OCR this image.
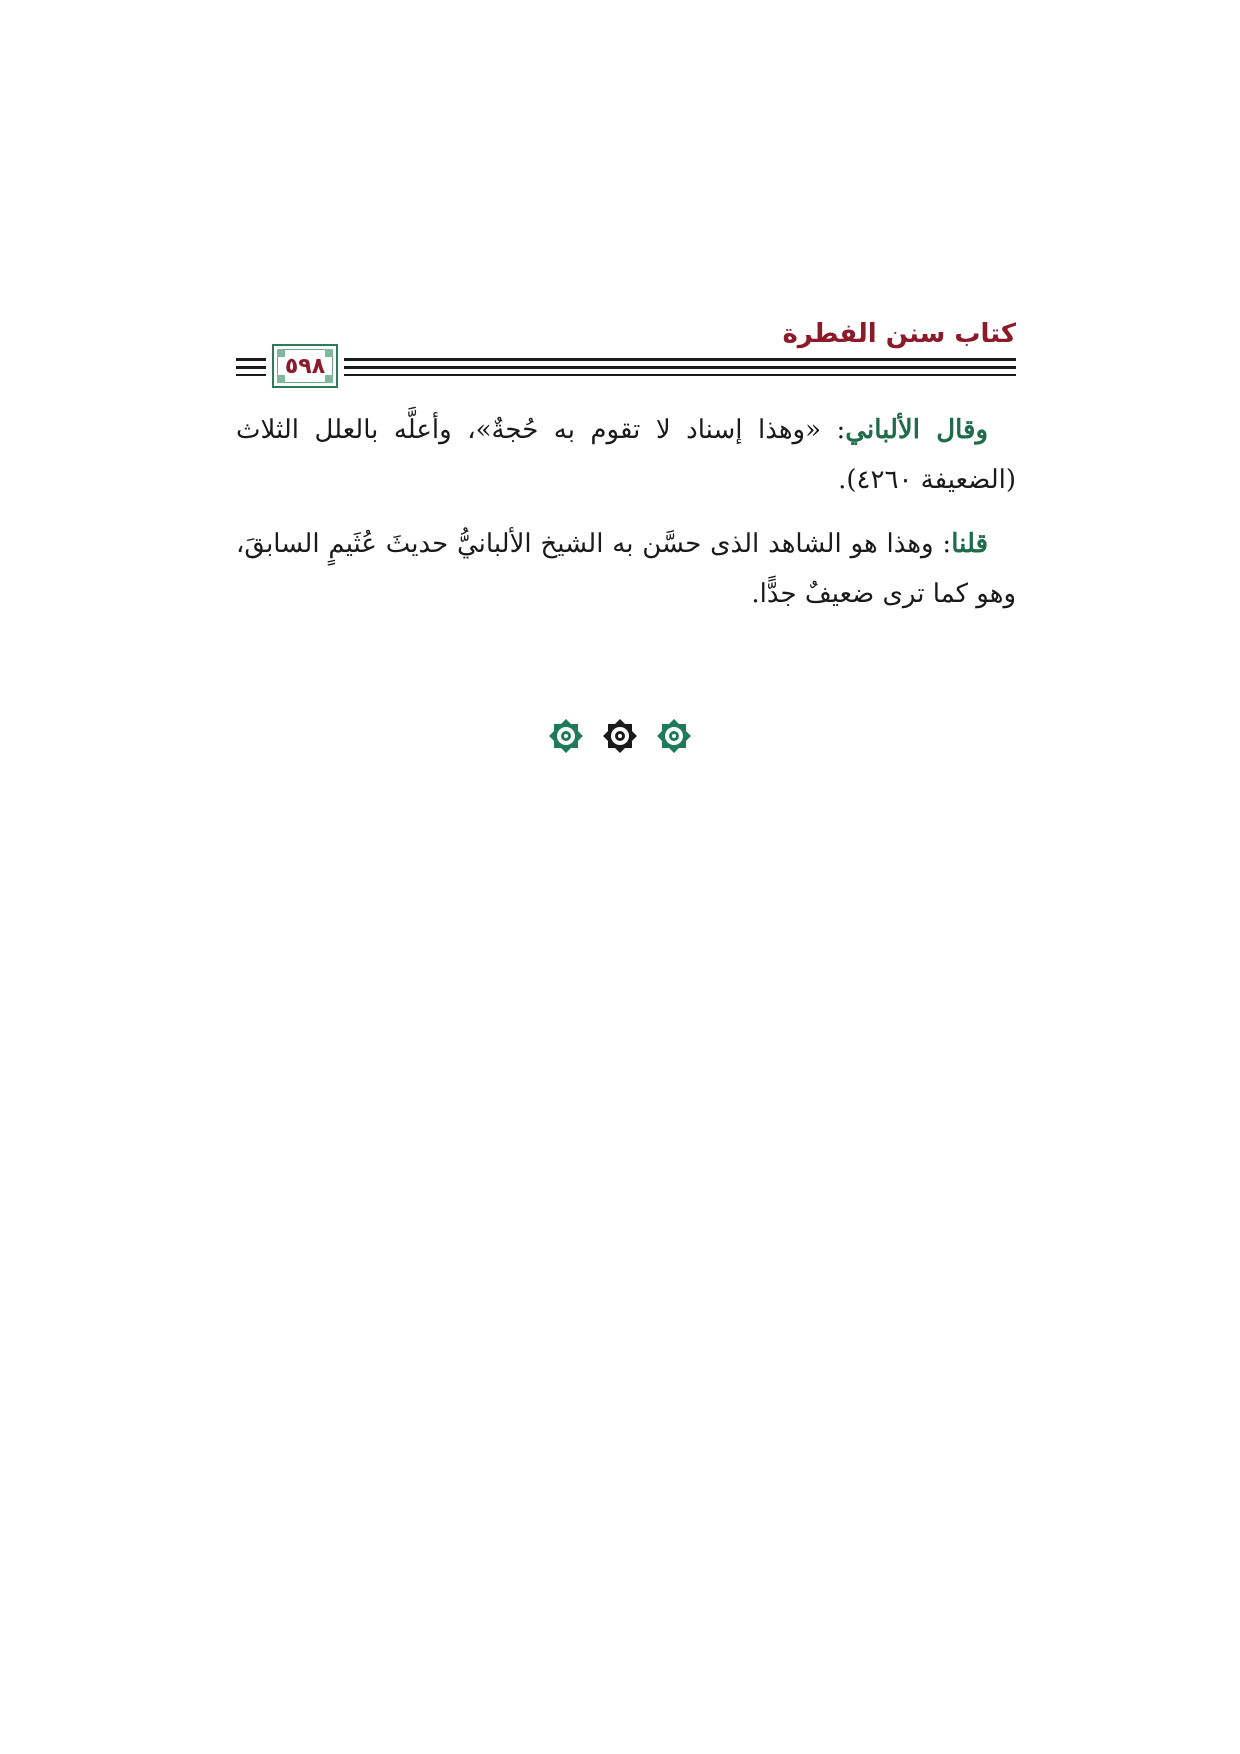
كتاب سنن الفطرة
٥٩٨

وقال الألباني: «وهذا إسناد لا تقوم به حُجةٌ»، وأعلَّه بالعلل الثلاث (الضعيفة ٤٢٦٠).

قلنا: وهذا هو الشاهد الذى حسَّن به الشيخ الألبانيُّ حديثَ عُثَيمٍ السابقَ، وهو كما ترى ضعيفٌ جدًّا.
